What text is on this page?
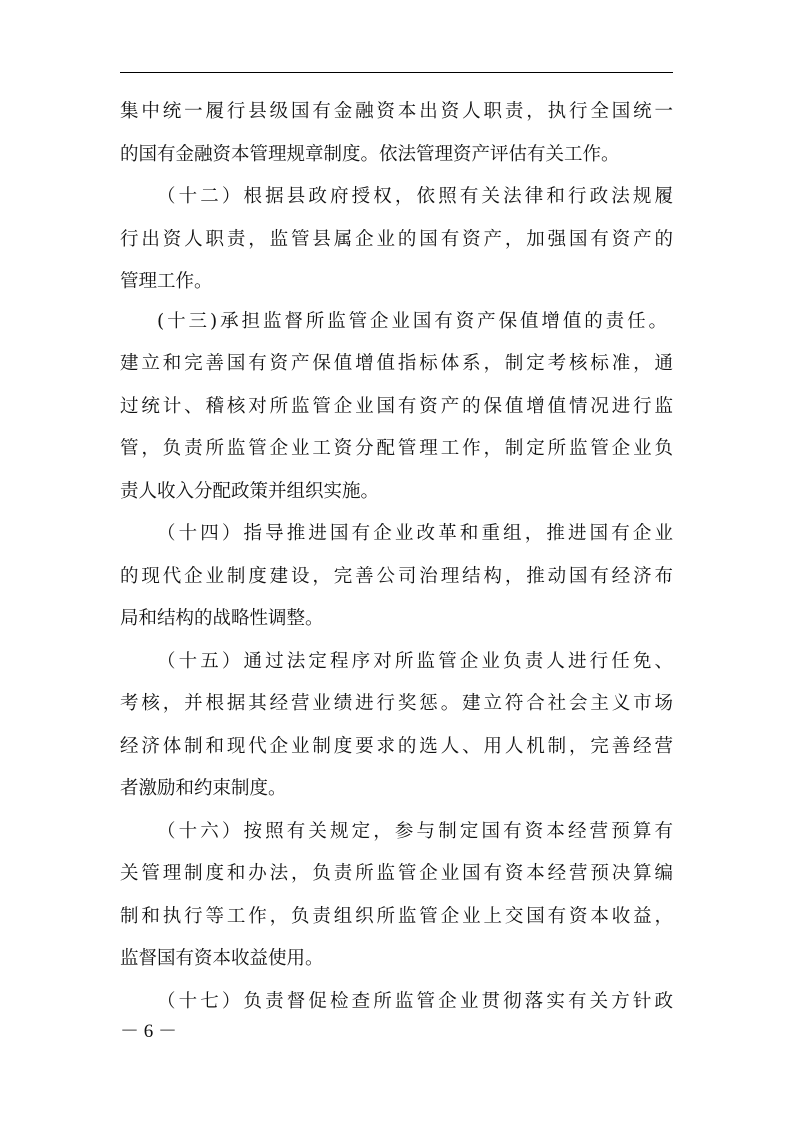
集中统一履行县级国有金融资本出资人职责，执行全国统一
的国有金融资本管理规章制度。依法管理资产评估有关工作。
（十二）根据县政府授权，依照有关法律和行政法规履
行出资人职责，监管县属企业的国有资产，加强国有资产的
管理工作。
(十三)承担监督所监管企业国有资产保值增值的责任。
建立和完善国有资产保值增值指标体系，制定考核标准，通
过统计、稽核对所监管企业国有资产的保值增值情况进行监
管，负责所监管企业工资分配管理工作，制定所监管企业负
责人收入分配政策并组织实施。
（十四）指导推进国有企业改革和重组，推进国有企业
的现代企业制度建设，完善公司治理结构，推动国有经济布
局和结构的战略性调整。
（十五）通过法定程序对所监管企业负责人进行任免、
考核，并根据其经营业绩进行奖惩。建立符合社会主义市场
经济体制和现代企业制度要求的选人、用人机制，完善经营
者激励和约束制度。
（十六）按照有关规定，参与制定国有资本经营预算有
关管理制度和办法，负责所监管企业国有资本经营预决算编
制和执行等工作，负责组织所监管企业上交国有资本收益，
监督国有资本收益使用。
（十七）负责督促检查所监管企业贯彻落实有关方针政
－ 6 －
